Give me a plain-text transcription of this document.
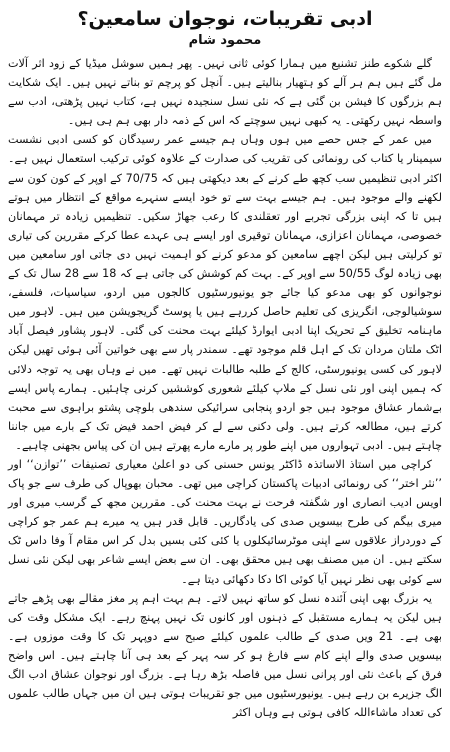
ادبی تقریبات، نوجوان سامعین؟
محمود شام

گلے شکوے طنز تشنیع میں ہمارا کوئی ثانی نہیں۔ پھر ہمیں سوشل میڈیا کے زود اثر آلات مل گئے ہیں ہم ہر آلے کو ہتھیار بنالیتے ہیں۔ آنچل کو پرچم تو بناتے نہیں ہیں۔ ایک شکایت ہم بزرگوں کا فیشن بن گئی ہے کہ نئی نسل سنجیدہ نہیں ہے، کتاب نہیں پڑھتی، ادب سے واسطہ نہیں رکھتی۔ یہ کبھی نہیں سوچتے کہ اس کے ذمہ دار بھی ہم ہی ہیں۔

میں عمر کے جس حصے میں ہوں وہاں ہم جیسے عمر رسیدگان کو کسی ادبی نشست سیمینار یا کتاب کی رونمائی کی تقریب کی صدارت کے علاوہ کوئی ترکیب استعمال نہیں ہے۔ اکثر ادبی تنظیمیں سب کچھ طے کرنے کے بعد دیکھتی ہیں کہ 70/75 کے اوپر کے کون کون سے لکھنے والے موجود ہیں۔ ہم جیسے بہت سے تو خود ایسے سنہرے مواقع کے انتظار میں ہوتے ہیں تا کہ اپنی بزرگی تجربے اور تعقلندی کا رعب جھاڑ سکیں۔ تنظیمیں زیادہ تر مہمانان خصوصی، مہمانان اعزازی، مہمانان توقیری اور ایسے ہی عہدے عطا کرکے مقررین کی تیاری تو کرلیتی ہیں لیکن اچھے سامعین کو مدعو کرنے کو اہمیت نہیں دی جاتی اور سامعین میں بھی زیادہ لوگ 50/55 سے اوپر کے۔ بہت کم کوشش کی جاتی ہے کہ 18 سے 28 سال تک کے نوجوانوں کو بھی مدعو کیا جائے جو یونیورسٹیوں کالجوں میں اردو، سیاسیات، فلسفے، سوشیالوجی، انگریزی کی تعلیم حاصل کررہے ہیں یا پوسٹ گریجویشن میں ہیں۔ لاہور میں ماہنامہ تخلیق کے تحریک اپنا ادبی ایوارڈ کیلئے بہت محنت کی گئی۔ لاہور پشاور فیصل آباد اٹک ملتان مردان تک کے اہل قلم موجود تھے۔ سمندر پار سے بھی خواتین آئی ہوئی تھیں لیکن لاہور کی کسی یونیورسٹی، کالج کے طلبہ طالبات نہیں تھے۔ میں نے وہاں بھی یہ توجہ دلائی کہ ہمیں اپنی اور نئی نسل کے ملاپ کیلئے شعوری کوششیں کرنی چاہئیں۔ ہمارے پاس ایسے بےشمار عشاق موجود ہیں جو اردو پنجابی سرائیکی سندھی بلوچی پشتو براہوی سے محبت کرتے ہیں، مطالعہ کرتے ہیں۔ ولی دکنی سے لے کر فیض احمد فیض تک کے بارے میں جاننا چاہتے ہیں۔ ادبی تہواروں میں اپنے طور پر مارے مارے پھرتے ہیں ان کی پیاس بجھنی چاہیے۔

کراچی میں استاذ الاساتذہ ڈاکٹر یونس حسنی کی دو اعلیٰ معیاری تصنیفات ’’توازن‘‘ اور ’’نثر اختر‘‘ کی رونمائی ادبیات پاکستان کراچی میں تھی۔ محبان بھوپال کی طرف سے جو پاک اویس ادیب انصاری اور شگفتہ فرحت نے بہت محنت کی۔ مقررین مجھ کے گرسب میری اور میری بیگم کی طرح بیسویں صدی کی یادگاریں۔ قابل قدر ہیں یہ میرے ہم عمر جو کراچی کے دوردراز علاقوں سے اپنی موٹرسائیکلوں یا کئی کئی بسیں بدل کر اس مقام آ وفا داس ٹک سکتے ہیں۔ ان میں مصنف بھی ہیں محقق بھی۔ ان سے بعض ایسے شاعر بھی لیکن نئی نسل سے کوئی بھی نظر نہیں آیا کوئی اکا دکا دکھائی دیتا ہے۔

یہ بزرگ بھی اپنی آئندہ نسل کو ساتھ نہیں لاتے۔ ہم بہت اہم پر مغز مقالے بھی پڑھے جاتے ہیں لیکن یہ ہمارے مستقبل کے ذہنوں اور کانوں تک نہیں پہنچ رہے۔ ایک مشکل وقت کی بھی ہے۔ 21 ویں صدی کے طالب علموں کیلئے صبح سے دوپہر تک کا وقت موزوں ہے۔ بیسویں صدی والے اپنے کام سے فارغ ہو کر سہ پہر کے بعد ہی آنا چاہتے ہیں۔ اس واضح فرق کے باعث نئی اور پرانی نسل میں فاصلہ بڑھ رہا ہے۔ بزرگ اور نوجوان عشاق ادب الگ الگ جزیرے بن رہے ہیں۔ یونیورسٹیوں میں جو تقریبات ہوتی ہیں ان میں جہاں طالب علموں کی تعداد ماشاءاللہ کافی ہوتی ہے وہاں اکثر
